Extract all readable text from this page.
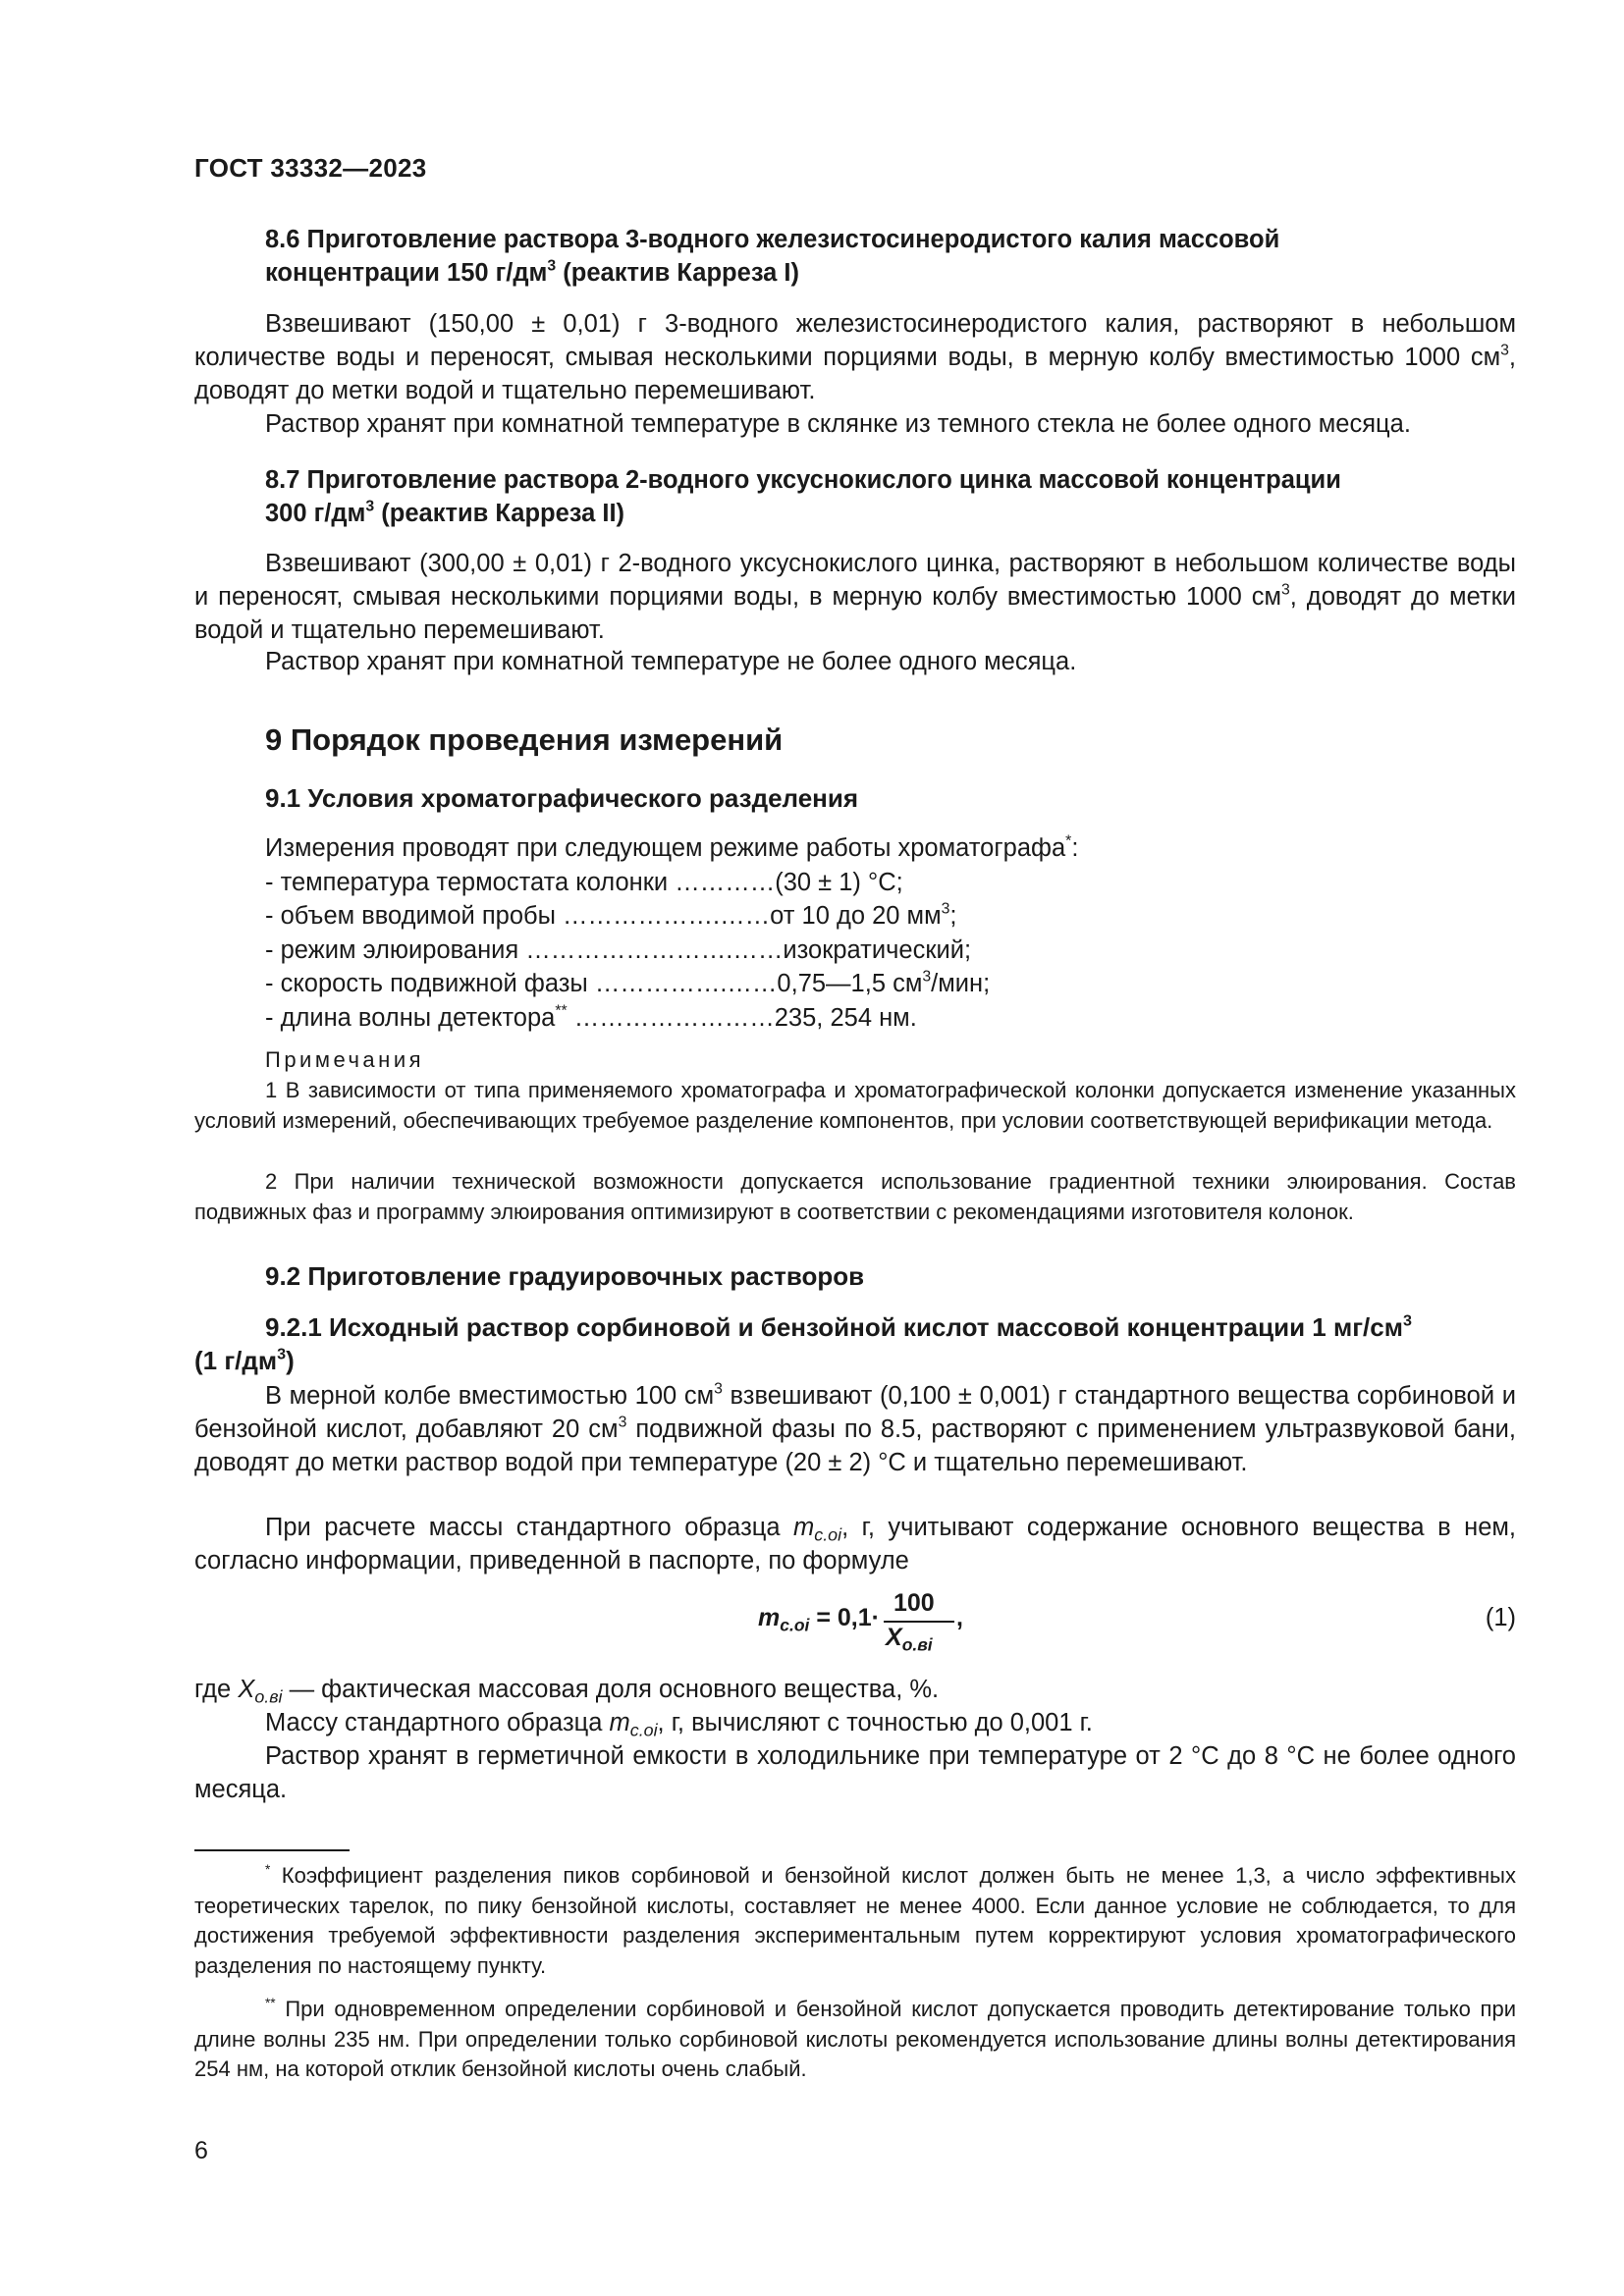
ГОСТ 33332—2023
8.6 Приготовление раствора 3-водного железистосинеродистого калия массовой
концентрации 150 $г/дм^3$ (реактив Карреза I)
Взвешивают (150,00 ± 0,01) г 3-водного железистосинеродистого калия, растворяют в небольшом количестве воды и переносят, смывая несколькими порциями воды, в мерную колбу вместимостью 1000 $см^3$, доводят до метки водой и тщательно перемешивают.
Раствор хранят при комнатной температуре в склянке из темного стекла не более одного месяца.
8.7 Приготовление раствора 2-водного уксуснокислого цинка массовой концентрации
300 $г/дм^3$ (реактив Карреза II)
Взвешивают (300,00 ± 0,01) г 2-водного уксуснокислого цинка, растворяют в небольшом количестве воды и переносят, смывая несколькими порциями воды, в мерную колбу вместимостью 1000 $см^3$, доводят до метки водой и тщательно перемешивают.
Раствор хранят при комнатной температуре не более одного месяца.
9 Порядок проведения измерений
9.1 Условия хроматографического разделения
Измерения проводят при следующем режиме работы хроматографа*:
- температура термостата колонки …………(30 ± 1) °С;
- объем вводимой пробы ……………….……от 10 до 20 $мм^3$;
- режим элюирования …………………….……изократический;
- скорость подвижной фазы …………….……0,75—1,5 $см^3$/мин;
- длина волны детектора** ……………………235, 254 нм.
Примечания
1 В зависимости от типа применяемого хроматографа и хроматографической колонки допускается изменение указанных условий измерений, обеспечивающих требуемое разделение компонентов, при условии соответствующей верификации метода.
2 При наличии технической возможности допускается использование градиентной техники элюирования. Состав подвижных фаз и программу элюирования оптимизируют в соответствии с рекомендациями изготовителя колонок.
9.2 Приготовление градуировочных растворов
9.2.1 Исходный раствор сорбиновой и бензойной кислот массовой концентрации 1 $мг/см^3$
(1 $г/дм^3$)
В мерной колбе вместимостью 100 $см^3$ взвешивают (0,100 ± 0,001) г стандартного вещества сорбиновой и бензойной кислот, добавляют 20 $см^3$ подвижной фазы по 8.5, растворяют с применением ультразвуковой бани, доводят до метки раствор водой при температуре (20 ± 2) °С и тщательно перемешивают.
При расчете массы стандартного образца $m_{c.oi}$, г, учитывают содержание основного вещества в нем, согласно информации, приведенной в паспорте, по формуле
$m_{c.oi} = 0,1\cdot$
100
$X_{o.вi}$
,	(1)
где $X_{o.вi}$ — фактическая массовая доля основного вещества, %.
Массу стандартного образца $m_{c.oi}$, г, вычисляют с точностью до 0,001 г.
Раствор хранят в герметичной емкости в холодильнике при температуре от 2 °С до 8 °С не более одного месяца.
* Коэффициент разделения пиков сорбиновой и бензойной кислот должен быть не менее 1,3, а число эффективных теоретических тарелок, по пику бензойной кислоты, составляет не менее 4000. Если данное условие не соблюдается, то для достижения требуемой эффективности разделения экспериментальным путем корректируют условия хроматографического разделения по настоящему пункту.
** При одновременном определении сорбиновой и бензойной кислот допускается проводить детектирование только при длине волны 235 нм. При определении только сорбиновой кислоты рекомендуется использование длины волны детектирования 254 нм, на которой отклик бензойной кислоты очень слабый.
6
